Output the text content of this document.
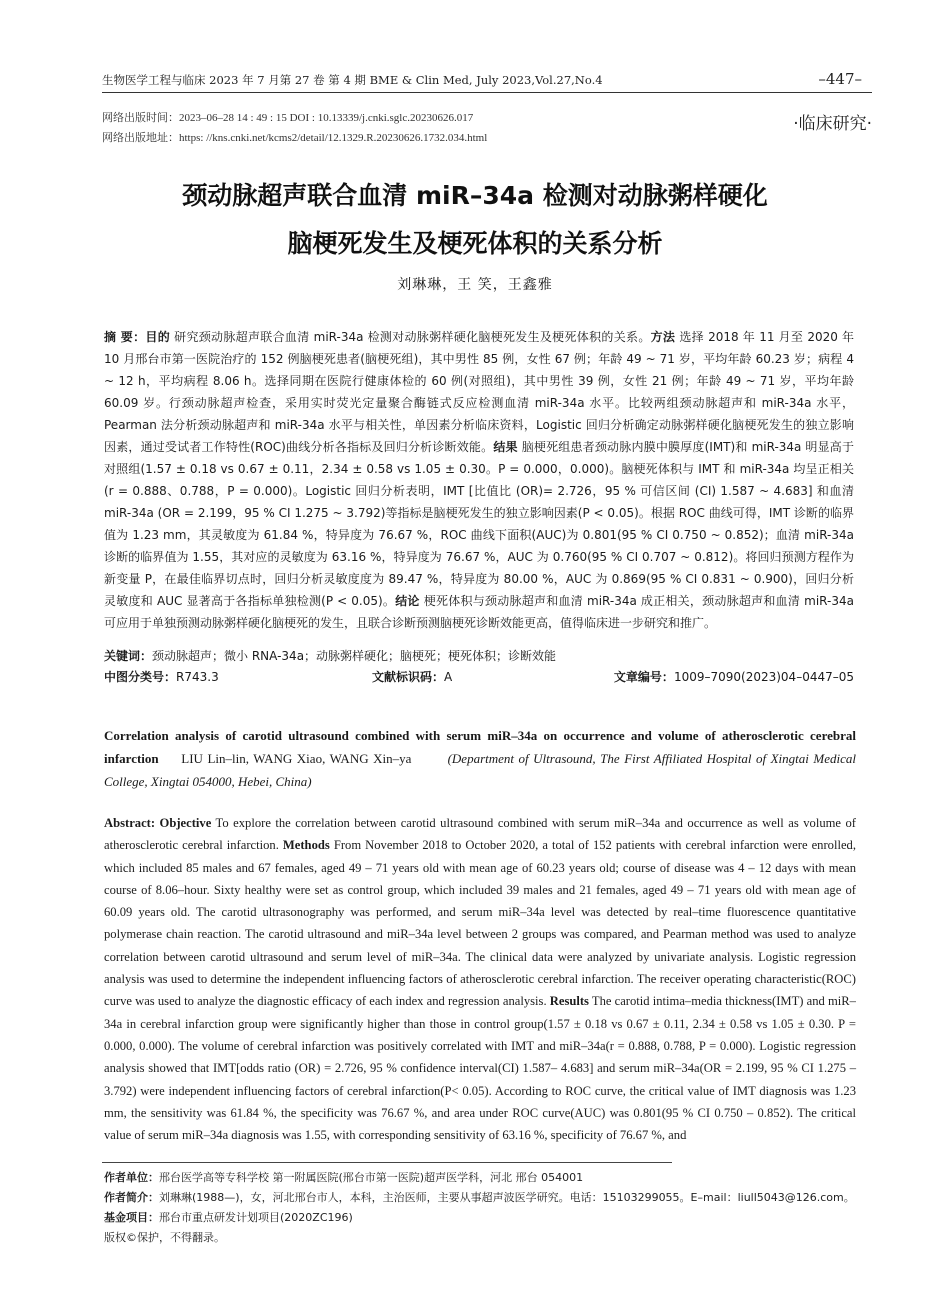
生物医学工程与临床 2023 年 7 月第 27 卷 第 4 期 BME & Clin Med, July 2023,Vol.27,No.4	–447–
网络出版时间：2023–06–28 14 : 49 : 15 DOI : 10.13339/j.cnki.sglc.20230626.017
网络出版地址：https: //kns.cnki.net/kcms2/detail/12.1329.R.20230626.1732.034.html
·临床研究·
颈动脉超声联合血清 miR–34a 检测对动脉粥样硬化
脑梗死发生及梗死体积的关系分析
刘琳琳，王 笑，王鑫雅
摘 要：目的 研究颈动脉超声联合血清 miR-34a 检测对动脉粥样硬化脑梗死发生及梗死体积的关系。方法 选择 2018 年 11 月至 2020 年 10 月邢台市第一医院治疗的 152 例脑梗死患者(脑梗死组)，其中男性 85 例，女性 67 例；年龄 49 ~ 71 岁，平均年龄 60.23 岁；病程 4 ~ 12 h，平均病程 8.06 h。选择同期在医院行健康体检的 60 例(对照组)，其中男性 39 例，女性 21 例；年龄 49 ~ 71 岁，平均年龄 60.09 岁。行颈动脉超声检查，采用实时荧光定量聚合酶链式反应检测血清 miR-34a 水平。比较两组颈动脉超声和 miR-34a 水平，Pearman 法分析颈动脉超声和 miR-34a 水平与相关性，单因素分析临床资料，Logistic 回归分析确定动脉粥样硬化脑梗死发生的独立影响因素，通过受试者工作特性(ROC)曲线分析各指标及回归分析诊断效能。结果 脑梗死组患者颈动脉内膜中膜厚度(IMT)和 miR-34a 明显高于对照组(1.57 ± 0.18 vs 0.67 ± 0.11，2.34 ± 0.58 vs 1.05 ± 0.30。P = 0.000，0.000)。脑梗死体积与 IMT 和 miR-34a 均呈正相关(r = 0.888、0.788，P = 0.000)。Logistic 回归分析表明，IMT [比值比 (OR)= 2.726，95 % 可信区间 (CI) 1.587 ~ 4.683] 和血清 miR-34a (OR = 2.199，95 % CI 1.275 ~ 3.792)等指标是脑梗死发生的独立影响因素(P < 0.05)。根据 ROC 曲线可得，IMT 诊断的临界值为 1.23 mm，其灵敏度为 61.84 %，特异度为 76.67 %，ROC 曲线下面积(AUC)为 0.801(95 % CI 0.750 ~ 0.852)；血清 miR-34a 诊断的临界值为 1.55，其对应的灵敏度为 63.16 %，特异度为 76.67 %，AUC 为 0.760(95 % CI 0.707 ~ 0.812)。将回归预测方程作为新变量 P，在最佳临界切点时，回归分析灵敏度度为 89.47 %，特异度为 80.00 %，AUC 为 0.869(95 % CI 0.831 ~ 0.900)，回归分析灵敏度和 AUC 显著高于各指标单独检测(P < 0.05)。结论 梗死体积与颈动脉超声和血清 miR-34a 成正相关，颈动脉超声和血清 miR-34a 可应用于单独预测动脉粥样硬化脑梗死的发生，且联合诊断预测脑梗死诊断效能更高，值得临床进一步研究和推广。
关键词：颈动脉超声；微小 RNA-34a；动脉粥样硬化；脑梗死；梗死体积；诊断效能
中图分类号：R743.3	文献标识码：A	文章编号：1009–7090(2023)04–0447–05
Correlation analysis of carotid ultrasound combined with serum miR–34a on occurrence and volume of atherosclerotic cerebral infarction LIU Lin–lin, WANG Xiao, WANG Xin–ya	(Department of Ultrasound, The First Affiliated Hospital of Xingtai Medical College, Xingtai 054000, Hebei, China)
Abstract: Objective To explore the correlation between carotid ultrasound combined with serum miR–34a and occurrence as well as volume of atherosclerotic cerebral infarction. Methods From November 2018 to October 2020, a total of 152 patients with cerebral infarction were enrolled, which included 85 males and 67 females, aged 49 – 71 years old with mean age of 60.23 years old; course of disease was 4 – 12 days with mean course of 8.06–hour. Sixty healthy were set as control group, which included 39 males and 21 females, aged 49 – 71 years old with mean age of 60.09 years old. The carotid ultrasonography was performed, and serum miR–34a level was detected by real–time fluorescence quantitative polymerase chain reaction. The carotid ultrasound and miR–34a level between 2 groups was compared, and Pearman method was used to analyze correlation between carotid ultrasound and serum level of miR–34a. The clinical data were analyzed by univariate analysis. Logistic regression analysis was used to determine the independent influencing factors of atherosclerotic cerebral infarction. The receiver operating characteristic(ROC) curve was used to analyze the diagnostic efficacy of each index and regression analysis. Results The carotid intima–media thickness(IMT) and miR–34a in cerebral infarction group were significantly higher than those in control group(1.57 ± 0.18 vs 0.67 ± 0.11, 2.34 ± 0.58 vs 1.05 ± 0.30. P = 0.000, 0.000). The volume of cerebral infarction was positively correlated with IMT and miR–34a(r = 0.888, 0.788, P = 0.000). Logistic regression analysis showed that IMT[odds ratio (OR) = 2.726, 95 % confidence interval(CI) 1.587– 4.683] and serum miR–34a(OR = 2.199, 95 % CI 1.275 – 3.792) were independent influencing factors of cerebral infarction(P< 0.05). According to ROC curve, the critical value of IMT diagnosis was 1.23 mm, the sensitivity was 61.84 %, the specificity was 76.67 %, and area under ROC curve(AUC) was 0.801(95 % CI 0.750 – 0.852). The critical value of serum miR–34a diagnosis was 1.55, with corresponding sensitivity of 63.16 %, specificity of 76.67 %, and
作者单位：邢台医学高等专科学校 第一附属医院(邢台市第一医院)超声医学科，河北 邢台 054001
作者简介：刘琳琳(1988—)，女，河北邢台市人，本科，主治医师，主要从事超声波医学研究。电话：15103299055。E–mail：liull5043@126.com。
基金项目：邢台市重点研发计划项目(2020ZC196)
版权©保护，不得翻录。
